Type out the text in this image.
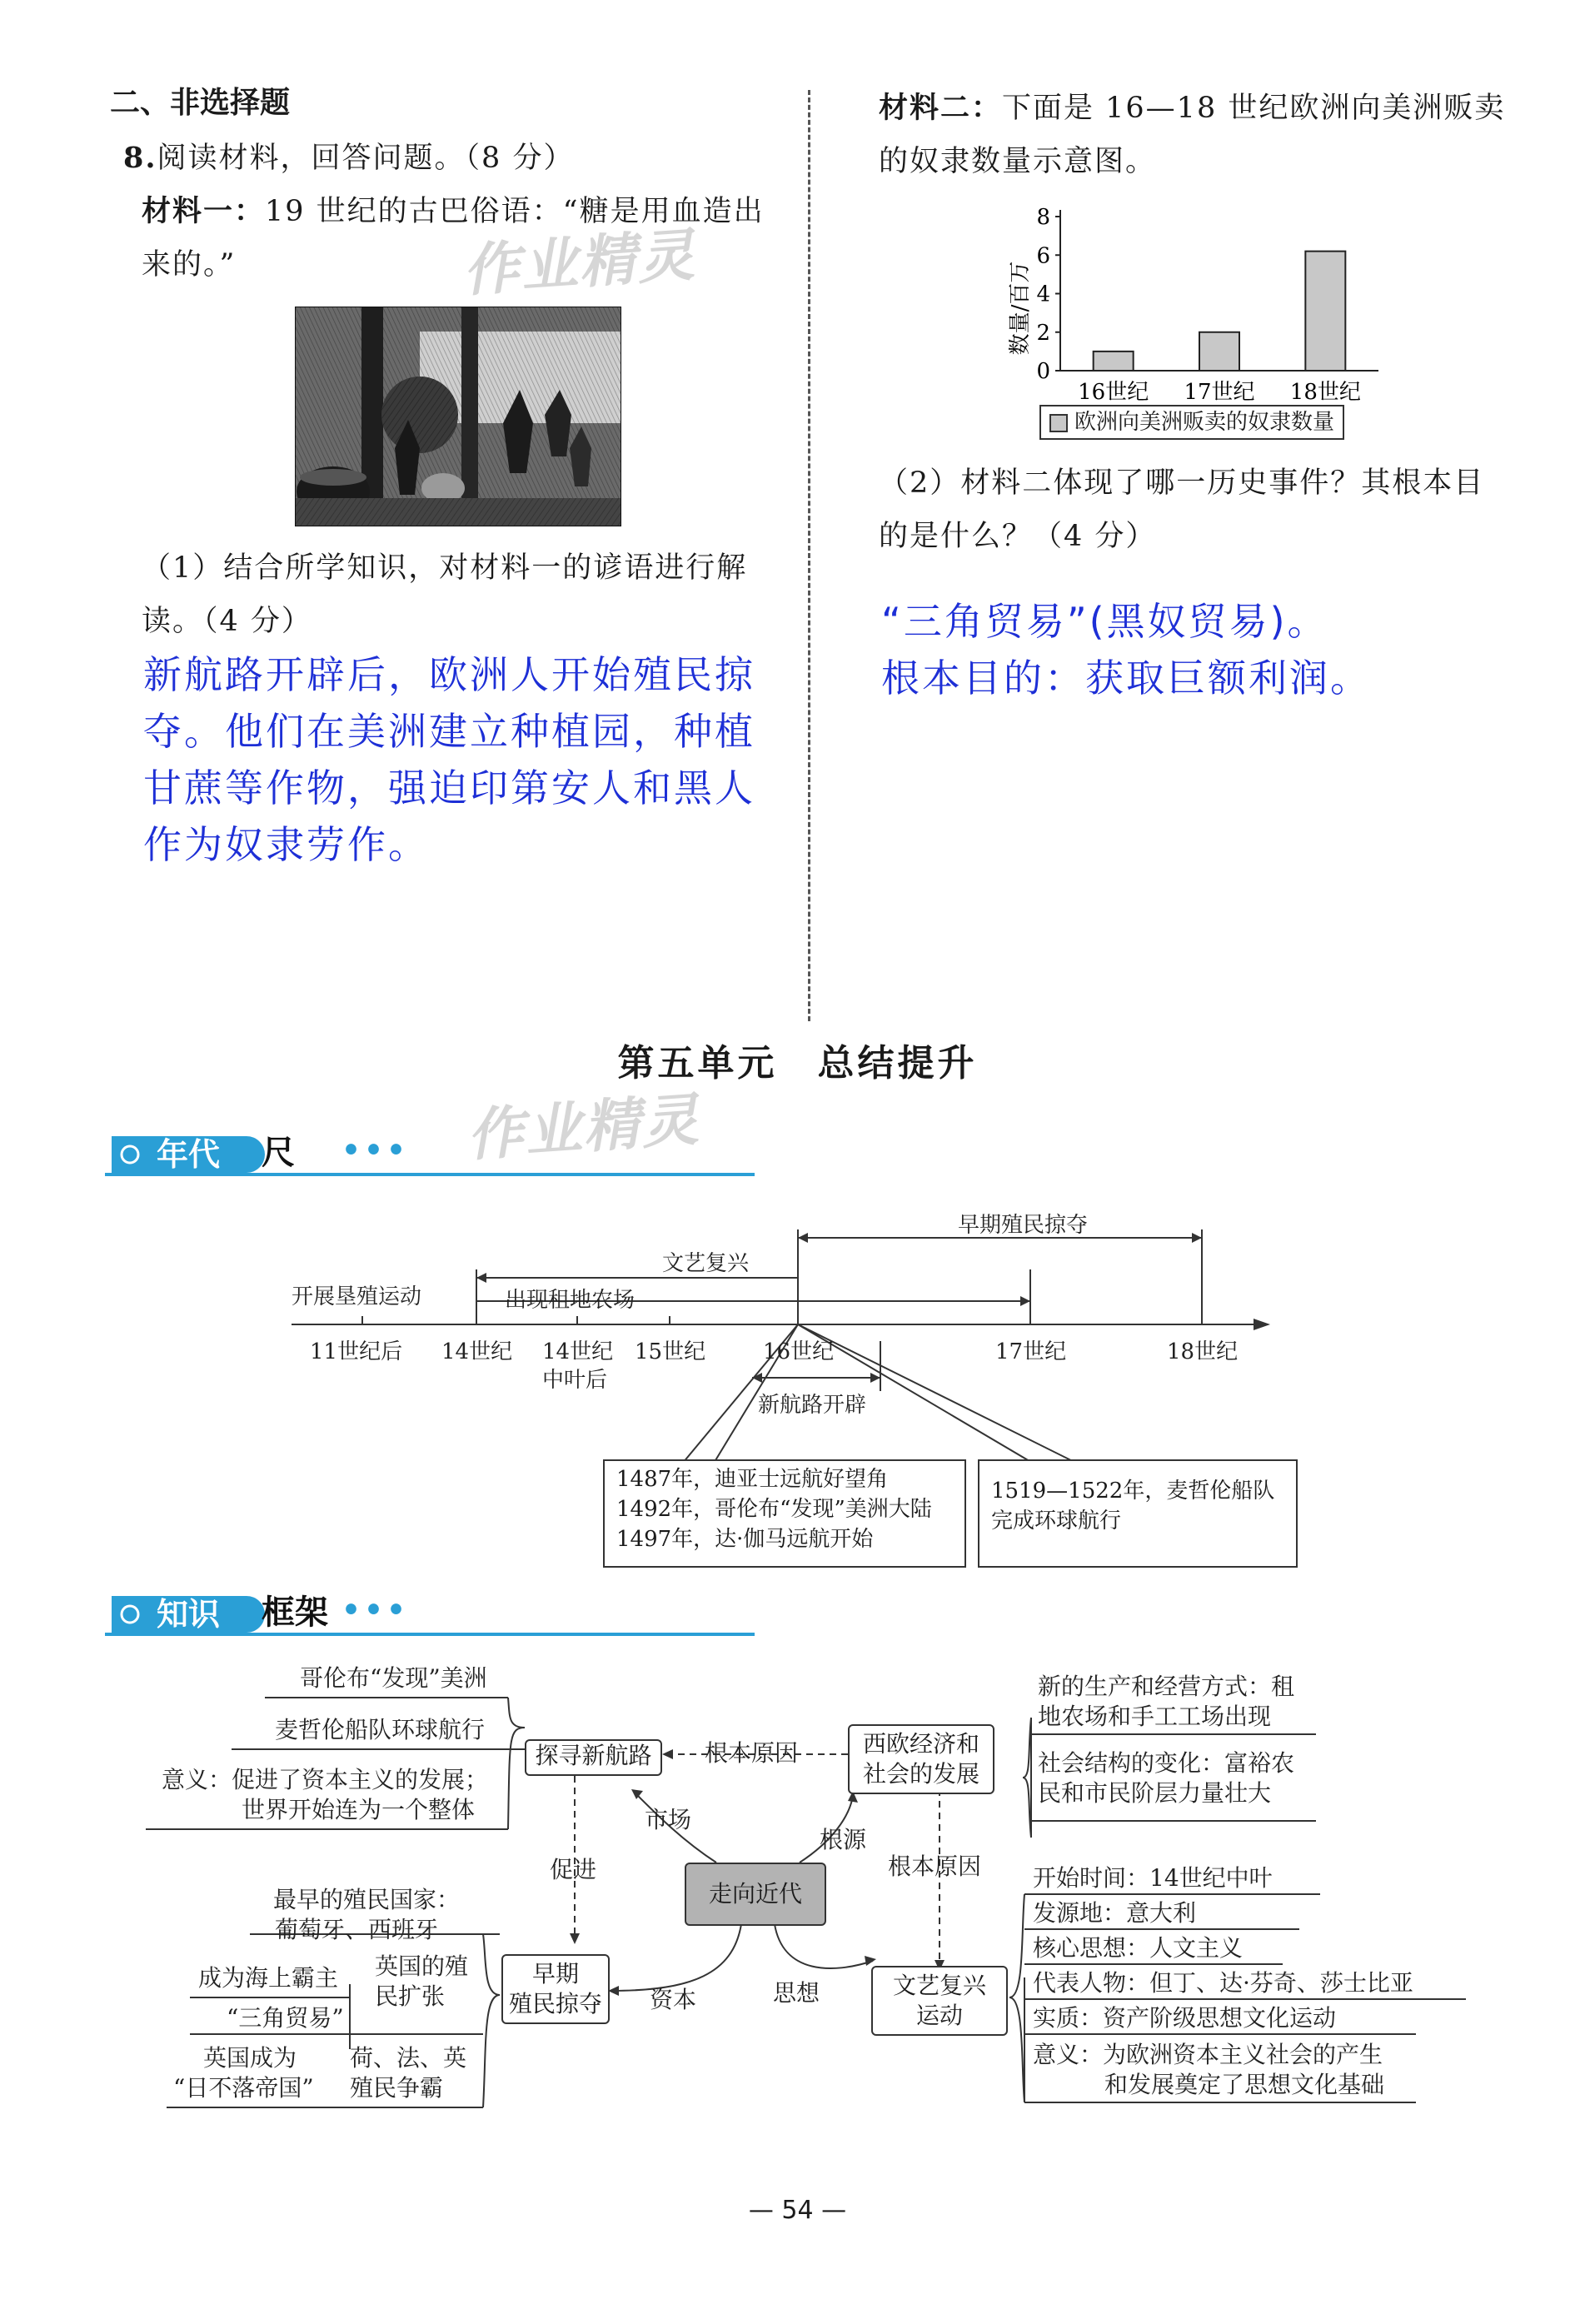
二、非选择题
8.阅读材料，回答问题。（8 分）
材料一：19 世纪的古巴俗语：“糖是用血造出
来的。”	作业精灵
（1）结合所学知识，对材料一的谚语进行解
读。（4 分）
新航路开辟后，欧洲人开始殖民掠
夺。他们在美洲建立种植园，种植
甘蔗等作物，强迫印第安人和黑人
作为奴隶劳作。
材料二：下面是 16—18 世纪欧洲向美洲贩卖
的奴隶数量示意图。
数量/百万
0
2
4
6
8
16世纪 17世纪 18世纪
欧洲向美洲贩卖的奴隶数量
（2）材料二体现了哪一历史事件？其根本目
的是什么？（4 分）
“三角贸易”(黑奴贸易)。
根本目的：获取巨额利润。
第五单元　总结提升
作业精灵
年代 尺 •••
开展垦殖运动	出现租地农场
文艺复兴
早期殖民掠夺
新航路开辟
11世纪后 14世纪 14世纪
中叶后
15世纪	16世纪	17世纪	18世纪
1487年，迪亚士远航好望角
1492年，哥伦布“发现”美洲大陆
1497年，达·伽马远航开始
1519—1522年，麦哲伦船队
完成环球航行
知识 框架 •••
哥伦布“发现”美洲
麦哲伦船队环球航行
意义：促进了资本主义的发展；
世界开始连为一个整体
探寻新航路	根本原因
市场
根源
促进	根本原因
资本	思想
走向近代
西欧经济和
社会的发展
新的生产和经营方式：租
地农场和手工工场出现
社会结构的变化：富裕农
民和市民阶层力量壮大
文艺复兴
运动
开始时间：14世纪中叶
发源地：意大利
核心思想：人文主义
代表人物：但丁、达·芬奇、莎士比亚
实质：资产阶级思想文化运动
意义：为欧洲资本主义社会的产生
和发展奠定了思想文化基础
早期
殖民掠夺
最早的殖民国家：
葡萄牙、西班牙
成为海上霸主 英国的殖
民扩张
“三角贸易”
英国成为
“日不落帝国”
荷、法、英
殖民争霸
— 54 —
